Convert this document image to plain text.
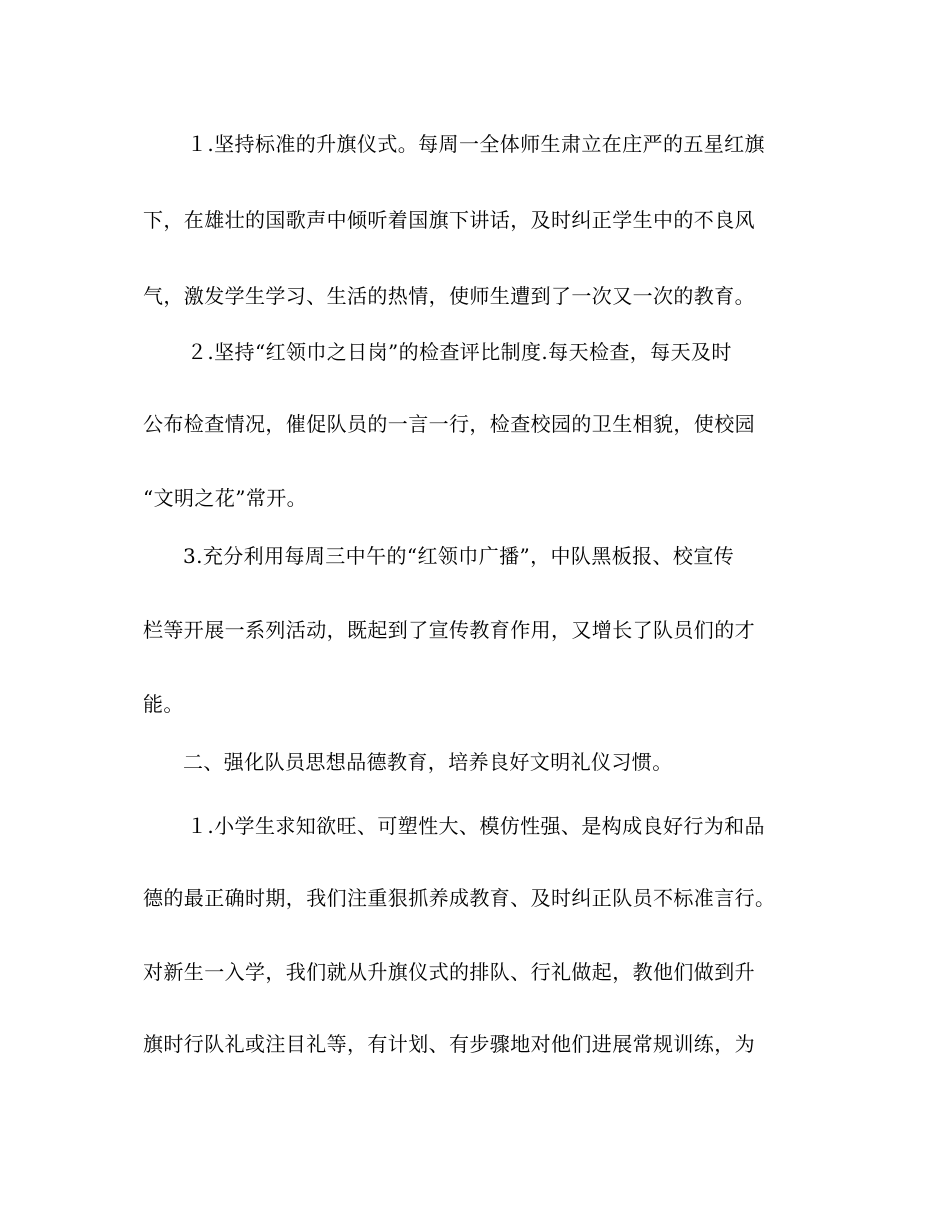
１.坚持标准的升旗仪式。每周一全体师生肃立在庄严的五星红旗

下，在雄壮的国歌声中倾听着国旗下讲话，及时纠正学生中的不良风

气，激发学生学习、生活的热情，使师生遭到了一次又一次的教育。

２.坚持“红领巾之日岗”的检查评比制度.每天检查，每天及时

公布检查情况，催促队员的一言一行，检查校园的卫生相貌，使校园

“文明之花”常开。

3.充分利用每周三中午的“红领巾广播”，中队黑板报、校宣传

栏等开展一系列活动，既起到了宣传教育作用，又增长了队员们的才

能。

二、强化队员思想品德教育，培养良好文明礼仪习惯。

１.小学生求知欲旺、可塑性大、模仿性强、是构成良好行为和品

德的最正确时期，我们注重狠抓养成教育、及时纠正队员不标准言行。

对新生一入学，我们就从升旗仪式的排队、行礼做起，教他们做到升

旗时行队礼或注目礼等，有计划、有步骤地对他们进展常规训练，为
